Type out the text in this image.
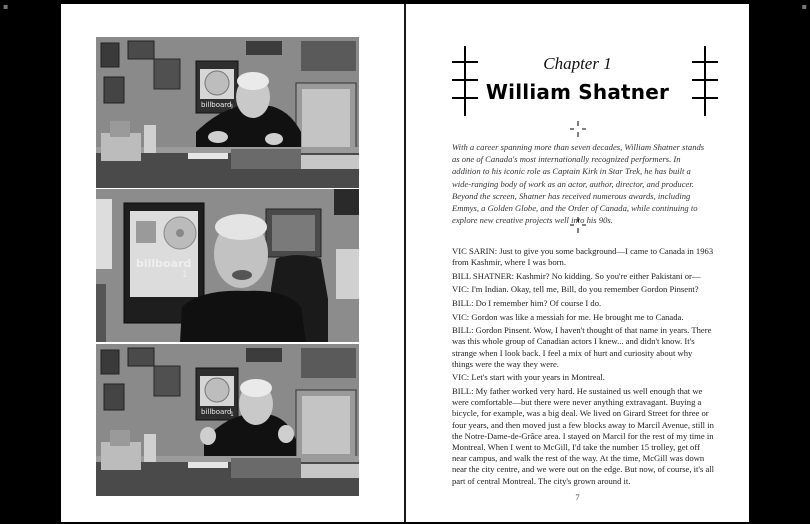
▪	▪
billboard
1
billboard
1
billboard
1
Chapter 1
William Shatner
With a career spanning more than seven decades, William Shatner stands as one of Canada's most internationally recognized performers. In addition to his iconic role as Captain Kirk in Star Trek, he has built a wide-ranging body of work as an actor, author, director, and producer. Beyond the screen, Shatner has received numerous awards, including Emmys, a Golden Globe, and the Order of Canada, while continuing to explore new creative projects well into his 90s.

VIC SARIN: Just to give you some background—I came to Canada in 1963 from Kashmir, where I was born.

BILL SHATNER: Kashmir? No kidding. So you're either Pakistani or—

VIC: I'm Indian. Okay, tell me, Bill, do you remember Gordon Pinsent?

BILL: Do I remember him? Of course I do.

VIC: Gordon was like a messiah for me. He brought me to Canada.

BILL: Gordon Pinsent. Wow, I haven't thought of that name in years. There was this whole group of Canadian actors I knew... and didn't know. It's strange when I look back. I feel a mix of hurt and curiosity about why things were the way they were.

VIC: Let's start with your years in Montreal.

BILL: My father worked very hard. He sustained us well enough that we were comfortable—but there were never anything extravagant. Buying a bicycle, for example, was a big deal. We lived on Girard Street for three or four years, and then moved just a few blocks away to Marcil Avenue, still in the Notre-Dame-de-Grâce area. I stayed on Marcil for the rest of my time in Montreal. When I went to McGill, I'd take the number 15 trolley, get off near campus, and walk the rest of the way. At the time, McGill was down near the city centre, and we were out on the edge. But now, of course, it's all part of central Montreal. The city's grown around it.

7
